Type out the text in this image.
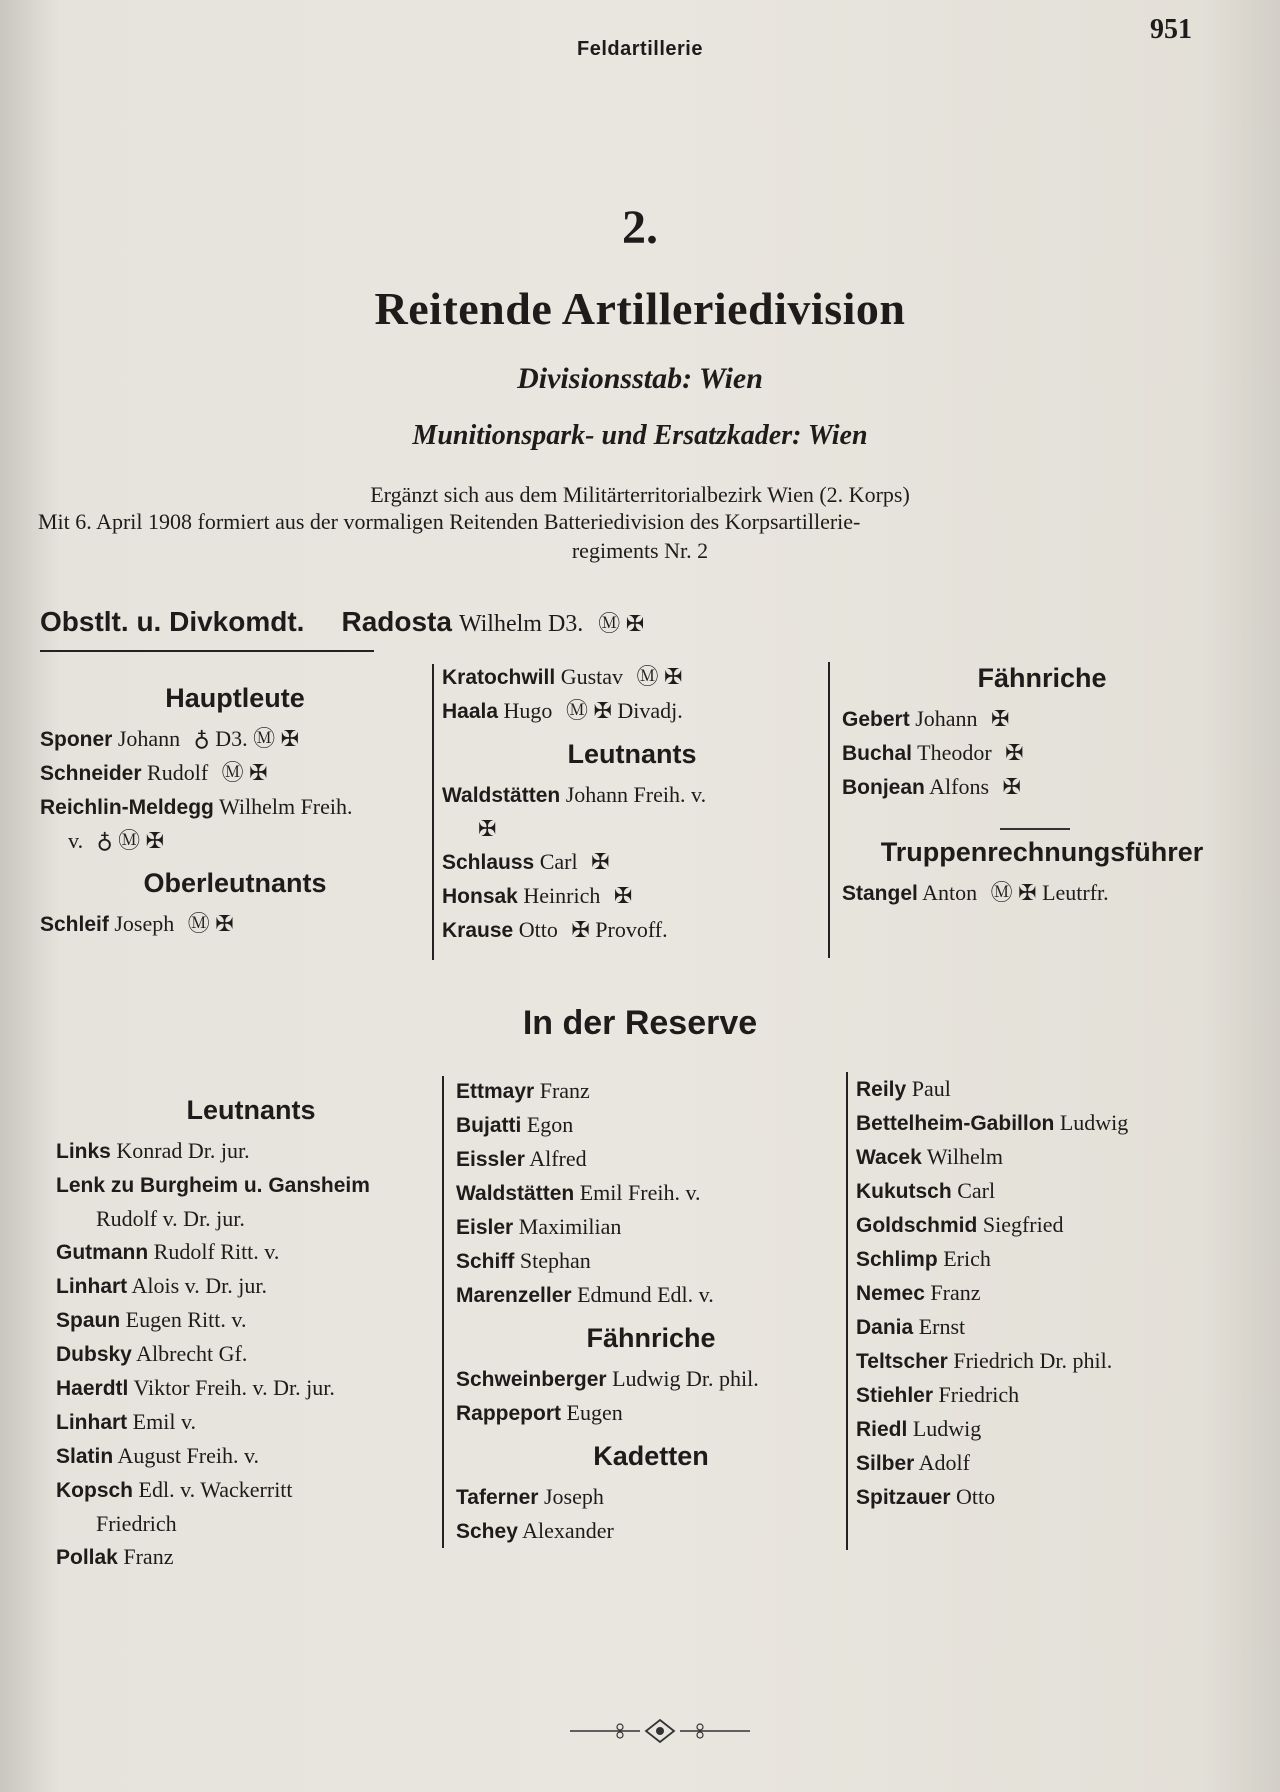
Feldartillerie
951
2.
Reitende Artilleriedivision
Divisionsstab: Wien
Munitionspark- und Ersatzkader: Wien
Ergänzt sich aus dem Militärterritorialbezirk Wien (2. Korps)
Mit 6. April 1908 formiert aus der vormaligen Reitenden Batteriedivision des Korpsartillerie-
regiments Nr. 2
Obstlt. u. Divkomdt. Radosta Wilhelm D3. Ⓜ ✠
Hauptleute
Sponer Johann ♁ D3. Ⓜ ✠
Schneider Rudolf Ⓜ ✠
Reichlin-Meldegg Wilhelm Freih.
v. ♁ Ⓜ ✠
Oberleutnants
Schleif Joseph Ⓜ ✠
Kratochwill Gustav Ⓜ ✠
Haala Hugo Ⓜ ✠ Divadj.
Leutnants
Waldstätten Johann Freih. v.
✠
Schlauss Carl ✠
Honsak Heinrich ✠
Krause Otto ✠ Provoff.
Fähnriche
Gebert Johann ✠
Buchal Theodor ✠
Bonjean Alfons ✠
Truppenrechnungsführer
Stangel Anton Ⓜ ✠ Leutrfr.
In der Reserve
Leutnants
Links Konrad Dr. jur.
Lenk zu Burgheim u. Gansheim
Rudolf v. Dr. jur.
Gutmann Rudolf Ritt. v.
Linhart Alois v. Dr. jur.
Spaun Eugen Ritt. v.
Dubsky Albrecht Gf.
Haerdtl Viktor Freih. v. Dr. jur.
Linhart Emil v.
Slatin August Freih. v.
Kopsch Edl. v. Wackerritt
Friedrich
Pollak Franz
Ettmayr Franz
Bujatti Egon
Eissler Alfred
Waldstätten Emil Freih. v.
Eisler Maximilian
Schiff Stephan
Marenzeller Edmund Edl. v.
Fähnriche
Schweinberger Ludwig Dr. phil.
Rappeport Eugen
Kadetten
Taferner Joseph
Schey Alexander
Reily Paul
Bettelheim-Gabillon Ludwig
Wacek Wilhelm
Kukutsch Carl
Goldschmid Siegfried
Schlimp Erich
Nemec Franz
Dania Ernst
Teltscher Friedrich Dr. phil.
Stiehler Friedrich
Riedl Ludwig
Silber Adolf
Spitzauer Otto
